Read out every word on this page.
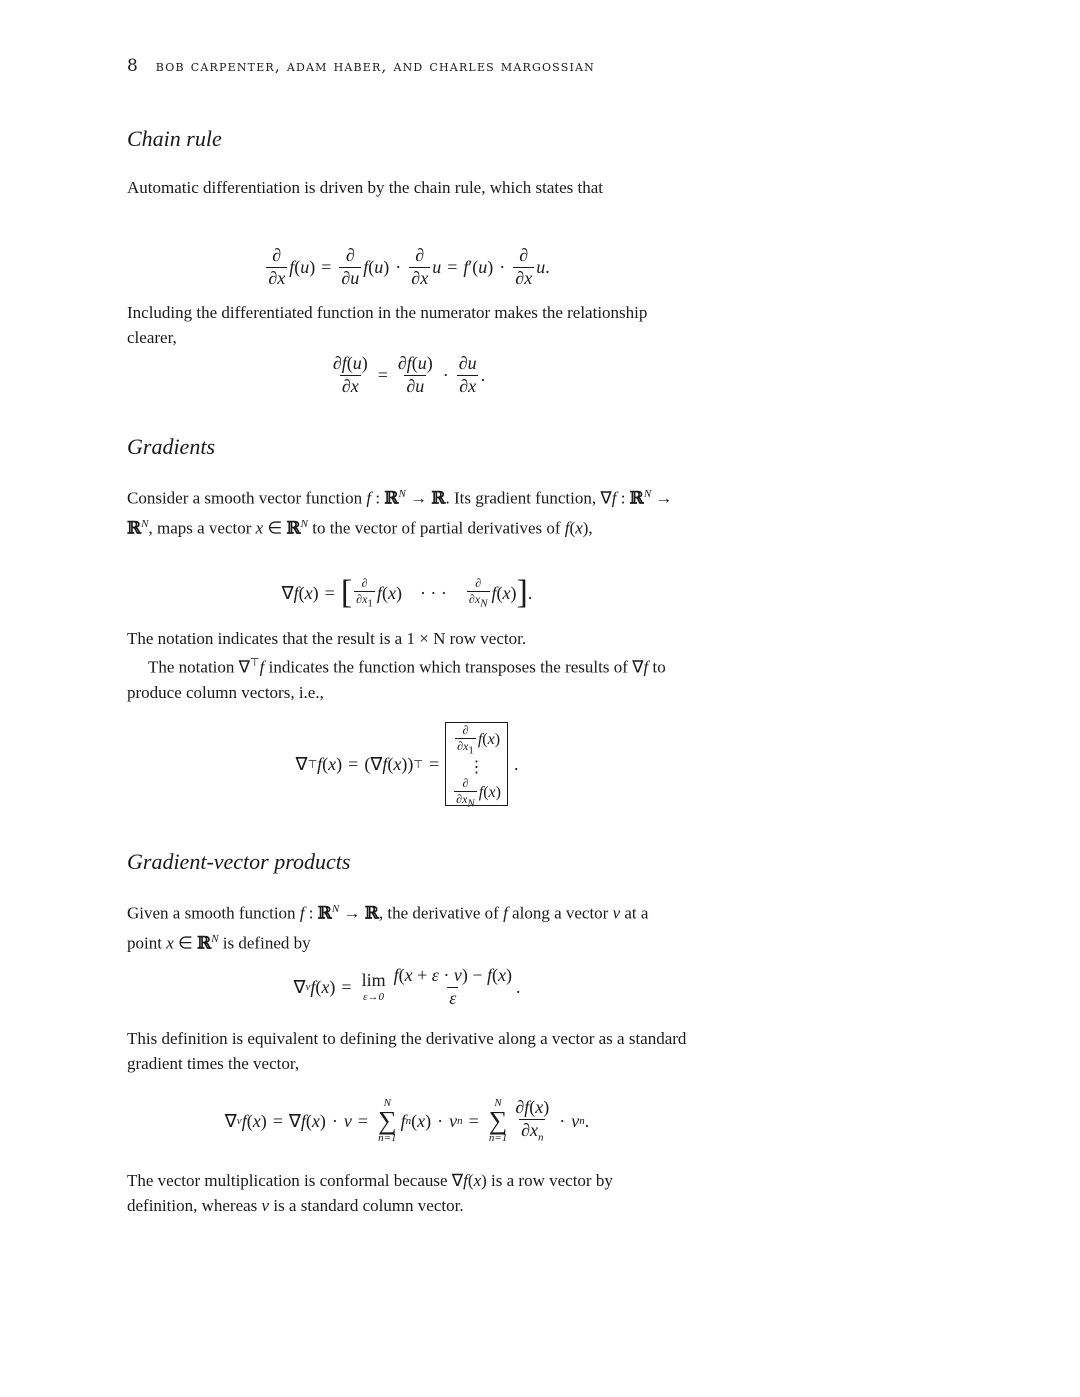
8 bob carpenter, adam haber, and charles margossian
Chain rule

Automatic differentiation is driven by the chain rule, which states that

$\frac{\partial}{\partial x}$ f ( u ) = $\frac{\partial}{\partial u}$ f ( u ) · $\frac{\partial}{\partial x}$ u = f ′( u ) · $\frac{\partial}{\partial x}$ u .

Including the differentiated function in the numerator makes the relationship clearer,

$\frac{\partial f(u)}{\partial x} = \frac{\partial f(u)}{\partial u} \cdot \frac{\partial u}{\partial x}$ .
Gradients

Consider a smooth vector function f : ℝ$^N$ → ℝ. Its gradient function, ∇f : ℝ$^N$ → ℝ$^N$, maps a vector x ∈ ℝ$^N$ to the vector of partial derivatives of f(x),

∇ f ( x ) = [ $\frac{\partial}{\partial x_1}$ f ( x ) · · · $\frac{\partial}{\partial x_N}$ f ( x ) ] .

The notation indicates that the result is a 1 × N row vector.

The notation ∇⊤f indicates the function which transposes the results of ∇f to produce column vectors, i.e.,

∇ ⊤ f ( x ) = (∇ f ( x )) ⊤ =
$\frac{\partial}{\partial x_1}$ f ( x )
⋮
$\frac{\partial}{\partial x_N}$ f ( x )
.
Gradient-vector products

Given a smooth function f : ℝ$^N$ → ℝ, the derivative of f along a vector v at a point x ∈ ℝ$^N$ is defined by

∇ v f ( x ) = lim
$\varepsilon\to 0 \frac{f(x + \varepsilon \cdot v) - f(x)}{\varepsilon}$ .

This definition is equivalent to defining the derivative along a vector as a standard gradient times the vector,

∇ v f ( x ) = ∇ f ( x ) · v =
N
∑
n=1
f n ( x ) · v n =
N
∑
$n=1 \frac{\partial f(x)}{\partial x_n} \cdot v$ n .

The vector multiplication is conformal because ∇f(x) is a row vector by definition, whereas v is a standard column vector.
